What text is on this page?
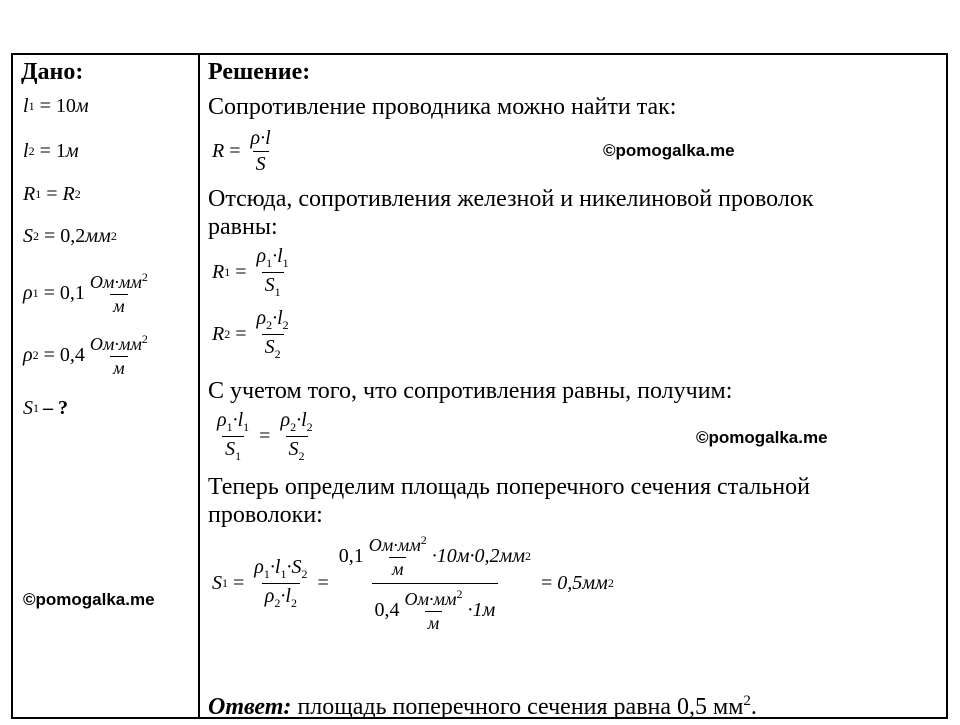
Дано:
l 1 = 10 м
l 2 = 1 м
R 1 = R 2
S 2 = 0,2 мм 2
ρ $1 = 0,1 \frac{Ом\cdot мм^2}{м}$
ρ $2 = 0,4 \frac{Ом\cdot мм^2}{м}$
S 1 – ?
©pomogalka.me
Решение:
Сопротивление проводника можно найти так:
$R = \frac{\rho\cdot l}{S}$	©pomogalka.me
Отсюда, сопротивления железной и никелиновой проволок
равны:
R $1 = \frac{\rho_1\cdot l_1}{S_1}$
R $2 = \frac{\rho_2\cdot l_2}{S_2}$
С учетом того, что сопротивления равны, получим:
$\frac{\rho_1\cdot l_1}{S_1} = \frac{\rho_2\cdot l_2}{S_2}$	©pomogalka.me
Теперь определим площадь поперечного сечения стальной
проволоки:
S $1 = \frac{\rho_1\cdot l_1\cdot S_2}{\rho_2\cdot l_2} = \frac{0,1 \frac{Ом\cdot мм^2}{м} \cdot 10м \cdot 0,2мм 2}{0,4 \frac{Ом\cdot мм^2}{м} \cdot 1м} = 0,5мм$ 2
Ответ: площадь поперечного сечения равна 0,5 $мм^2$.
